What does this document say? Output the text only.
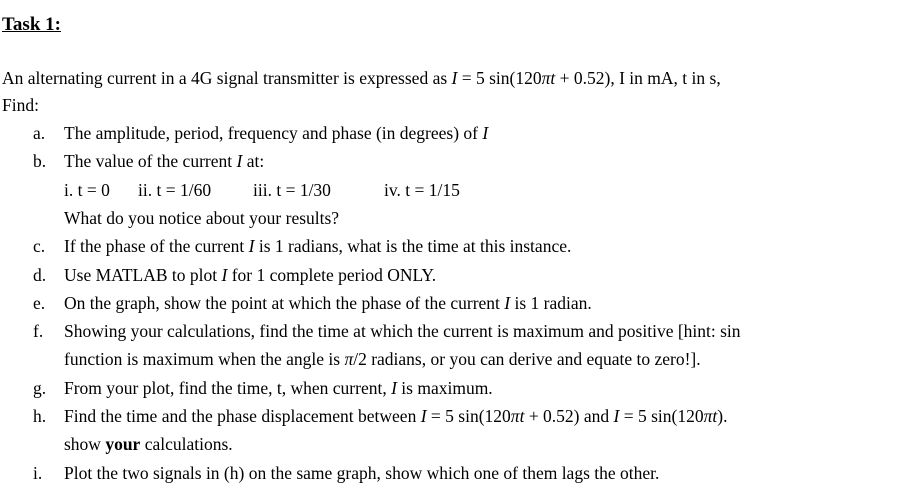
Task 1:
An alternating current in a 4G signal transmitter is expressed as I = 5 sin(120πt + 0.52), I in mA, t in s,
Find:
a.	The amplitude, period, frequency and phase (in degrees) of I
b.	The value of the current I at:
i. t = 0 ii. t = 1/60 iii. t = 1/30	iv. t = 1/15
What do you notice about your results?
c.	If the phase of the current I is 1 radians, what is the time at this instance.
d.	Use MATLAB to plot I for 1 complete period ONLY.
e.	On the graph, show the point at which the phase of the current I is 1 radian.
f.	Showing your calculations, find the time at which the current is maximum and positive [hint: sin
function is maximum when the angle is π/2 radians, or you can derive and equate to zero!].
g.	From your plot, find the time, t, when current, I is maximum.
h.	Find the time and the phase displacement between I = 5 sin(120πt + 0.52) and I = 5 sin(120πt).
show your calculations.
i.	Plot the two signals in (h) on the same graph, show which one of them lags the other.
